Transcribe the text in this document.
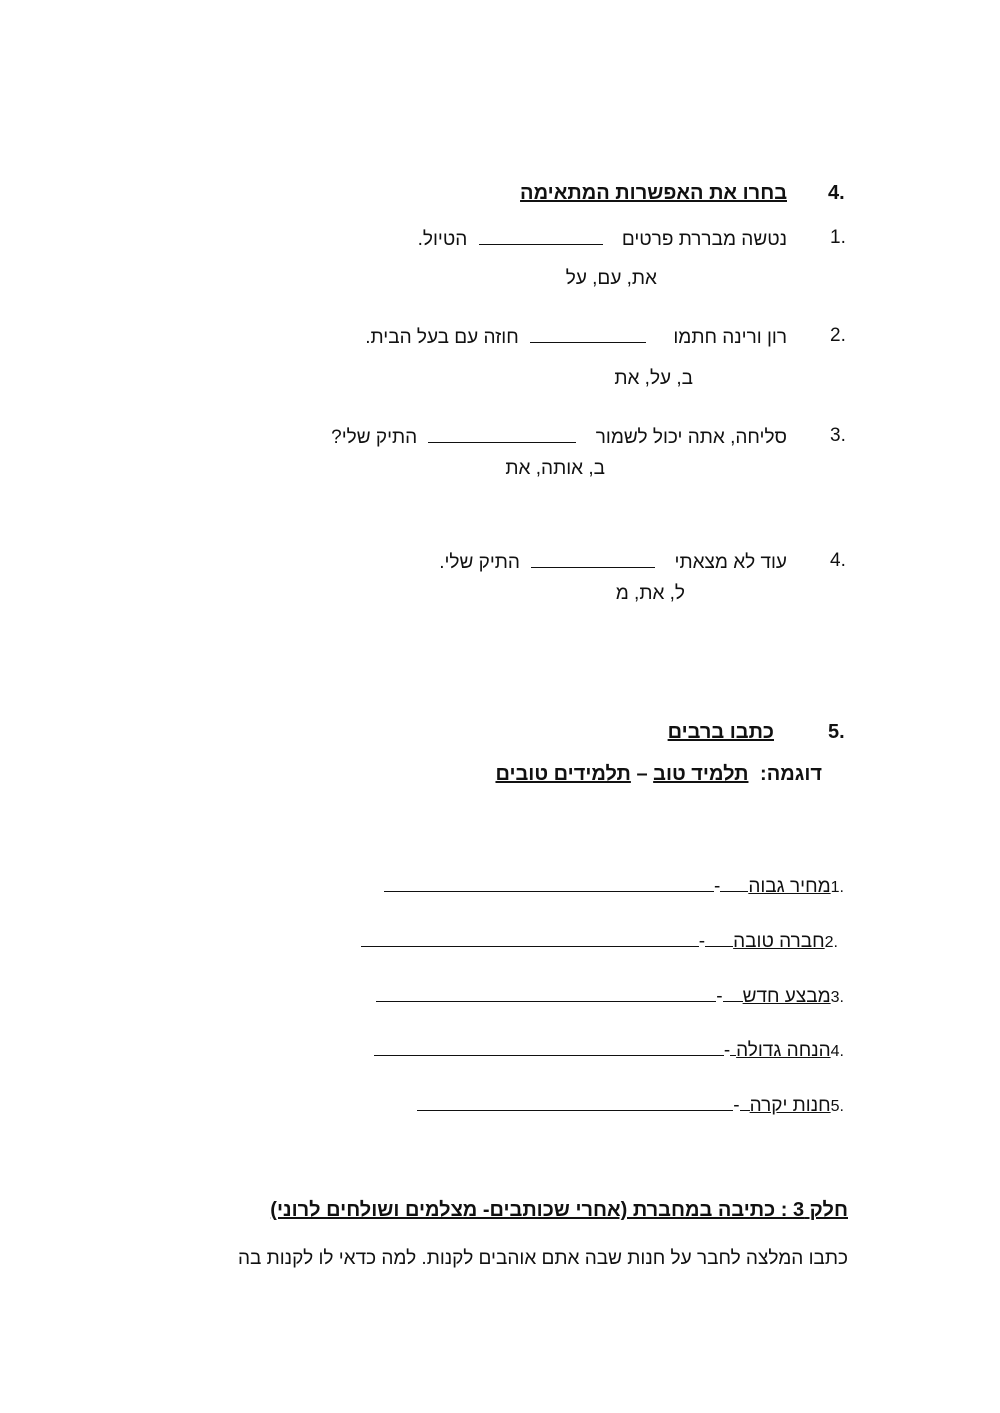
4.
בחרו את האפשרות המתאימה
1.
נטשה מבררת פרטים  הטיול.
את, עם, על
2.
רון ורינה חתמו  חוזה עם בעל הבית.
ב, על, את
3.
סליחה, אתה יכול לשמור  התיק שלי?
ב, אותה, את
4.
עוד לא מצאתי  התיק שלי.
ל, את, מ
5.
כתבו ברבים
דוגמה: תלמיד טוב – תלמידים טובים
.1מחיר גבוה-
.2חברה טובה-
.3מבצע חדש-
.4הנחה גדולה-
.5חנות יקרה-
חלק 3 : כתיבה במחברת (אחרי שכותבים- מצלמים ושולחים לרוני)
כתבו המלצה לחבר על חנות שבה אתם אוהבים לקנות. למה כדאי לו לקנות בה
